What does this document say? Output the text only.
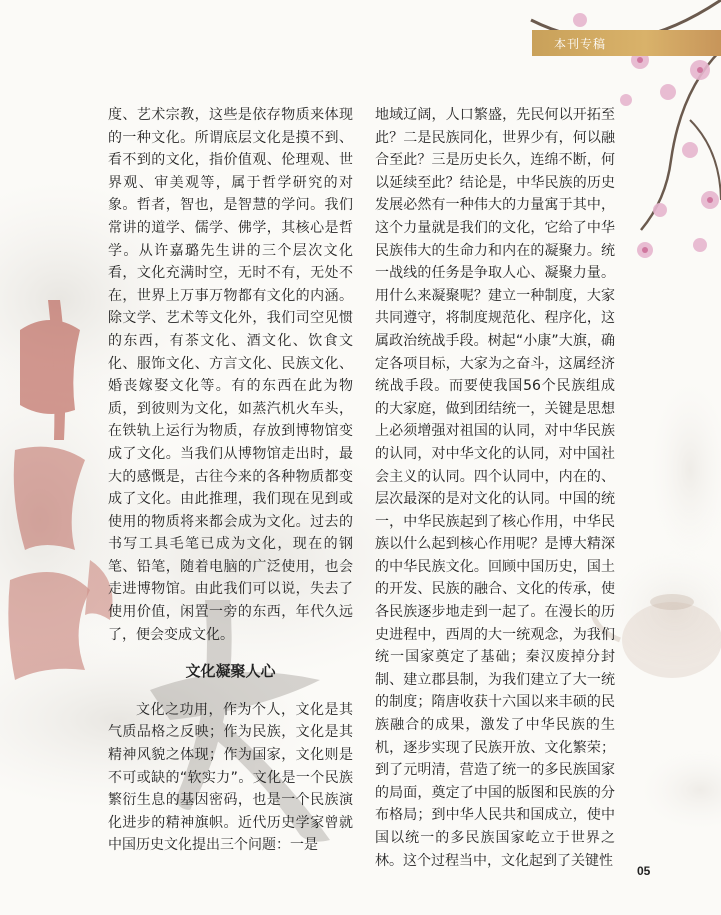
本刊专稿

度、艺术宗教，这些是依存物质来体现的一种文化。所谓底层文化是摸不到、看不到的文化，指价值观、伦理观、世界观、审美观等，属于哲学研究的对象。哲者，智也，是智慧的学问。我们常讲的道学、儒学、佛学，其核心是哲学。从许嘉璐先生讲的三个层次文化看，文化充满时空，无时不有，无处不在，世界上万事万物都有文化的内涵。除文学、艺术等文化外，我们司空见惯的东西，有茶文化、酒文化、饮食文化、服饰文化、方言文化、民族文化、婚丧嫁娶文化等。有的东西在此为物质，到彼则为文化，如蒸汽机火车头，在铁轨上运行为物质，存放到博物馆变成了文化。当我们从博物馆走出时，最大的感慨是，古往今来的各种物质都变成了文化。由此推理，我们现在见到或使用的物质将来都会成为文化。过去的书写工具毛笔已成为文化，现在的钢笔、铅笔，随着电脑的广泛使用，也会走进博物馆。由此我们可以说，失去了使用价值，闲置一旁的东西，年代久远了，便会变成文化。

文化凝聚人心

文化之功用，作为个人，文化是其气质品格之反映；作为民族，文化是其精神风貌之体现；作为国家，文化则是不可或缺的“软实力”。文化是一个民族繁衍生息的基因密码，也是一个民族演化进步的精神旗帜。近代历史学家曾就中国历史文化提出三个问题：一是

地域辽阔，人口繁盛，先民何以开拓至此？二是民族同化，世界少有，何以融合至此？三是历史长久，连绵不断，何以延续至此？结论是，中华民族的历史发展必然有一种伟大的力量寓于其中，这个力量就是我们的文化，它给了中华民族伟大的生命力和内在的凝聚力。统一战线的任务是争取人心、凝聚力量。用什么来凝聚呢？建立一种制度，大家共同遵守，将制度规范化、程序化，这属政治统战手段。树起“小康”大旗，确定各项目标，大家为之奋斗，这属经济统战手段。而要使我国56个民族组成的大家庭，做到团结统一，关键是思想上必须增强对祖国的认同，对中华民族的认同，对中华文化的认同，对中国社会主义的认同。四个认同中，内在的、层次最深的是对文化的认同。中国的统一，中华民族起到了核心作用，中华民族以什么起到核心作用呢？是博大精深的中华民族文化。回顾中国历史，国土的开发、民族的融合、文化的传承，使各民族逐步地走到一起了。在漫长的历史进程中，西周的大一统观念，为我们统一国家奠定了基础；秦汉废掉分封制、建立郡县制，为我们建立了大一统的制度；隋唐收获十六国以来丰硕的民族融合的成果，激发了中华民族的生机，逐步实现了民族开放、文化繁荣；到了元明清，营造了统一的多民族国家的局面，奠定了中国的版图和民族的分布格局；到中华人民共和国成立，使中国以统一的多民族国家屹立于世界之林。这个过程当中，文化起到了关键性

05
